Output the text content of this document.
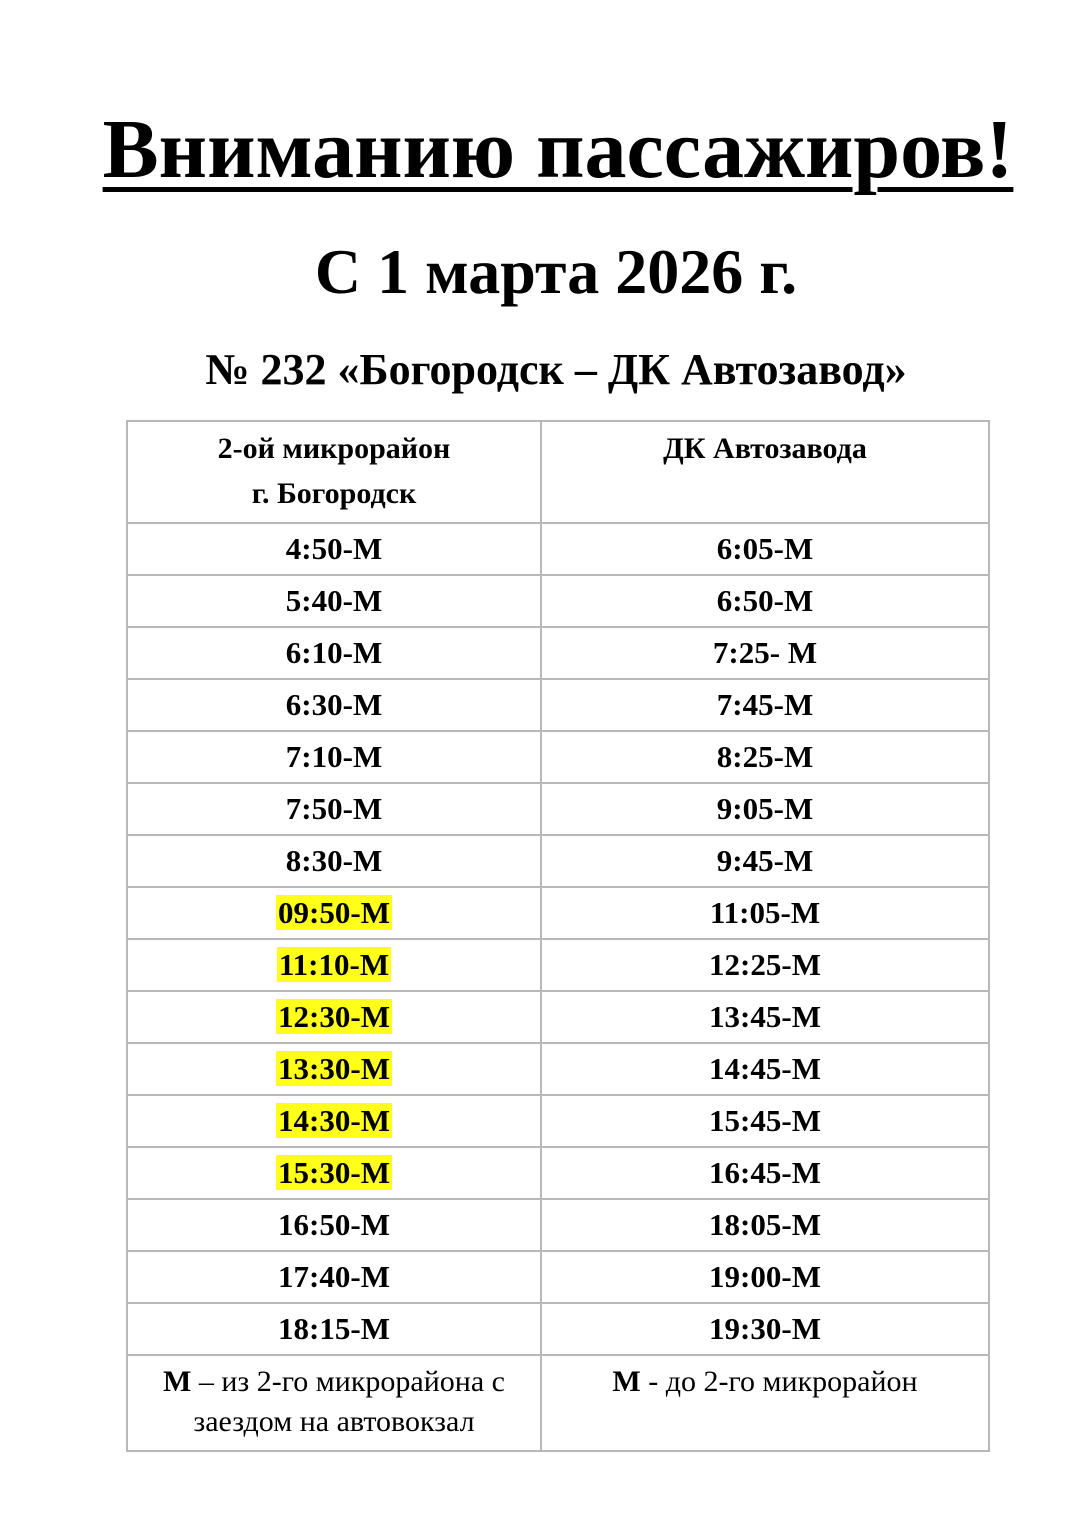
Вниманию пассажиров!
С 1 марта 2026 г.
№ 232 «Богородск – ДК Автозавод»
2-ой микрорайон
г. Богородск	ДК Автозавода
4:50-М	6:05-М
5:40-М	6:50-М
6:10-М	7:25- М
6:30-М	7:45-М
7:10-М	8:25-М
7:50-М	9:05-М
8:30-М	9:45-М
09:50-М	11:05-М
11:10-М	12:25-М
12:30-М	13:45-М
13:30-М	14:45-М
14:30-М	15:45-М
15:30-М	16:45-М
16:50-М	18:05-М
17:40-М	19:00-М
18:15-М	19:30-М
М – из 2-го микрорайона с
заездом на автовокзал	М - до 2-го микрорайон
